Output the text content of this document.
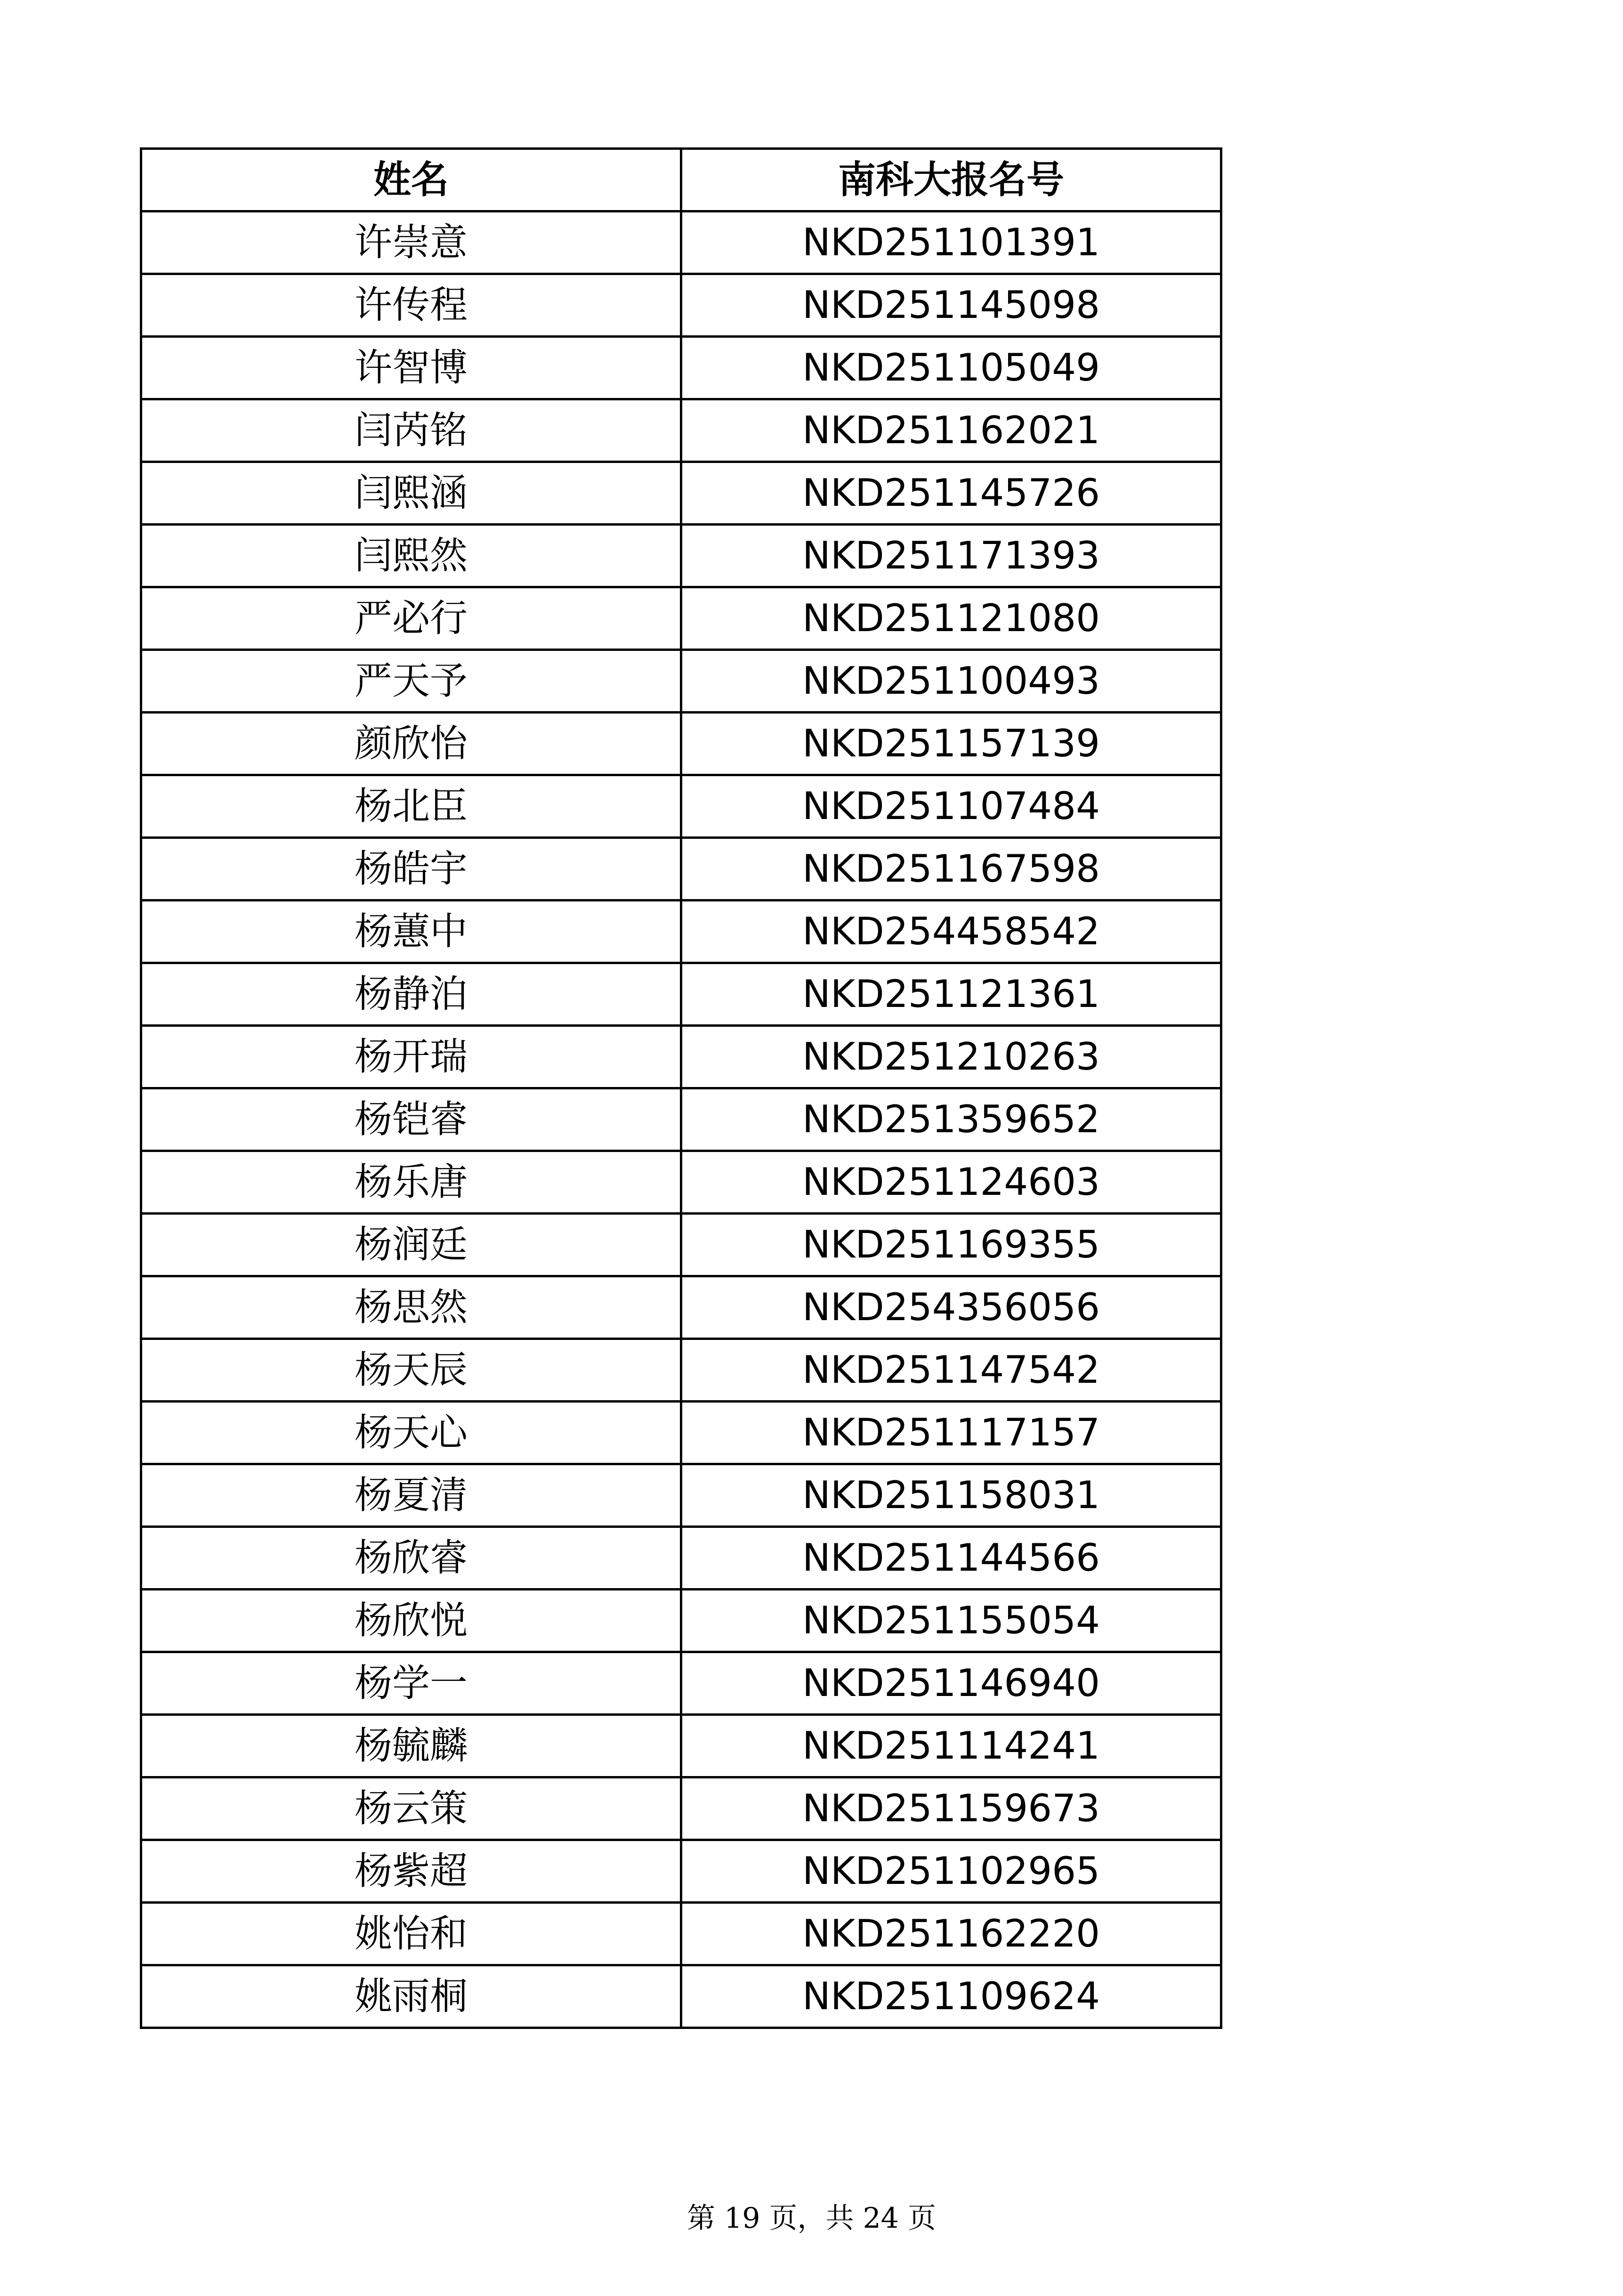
姓名	南科大报名号
许崇意	NKD251101391
许传程	NKD251145098
许智博	NKD251105049
闫芮铭	NKD251162021
闫熙涵	NKD251145726
闫熙然	NKD251171393
严必行	NKD251121080
严天予	NKD251100493
颜欣怡	NKD251157139
杨北臣	NKD251107484
杨皓宇	NKD251167598
杨蕙中	NKD254458542
杨静泊	NKD251121361
杨开瑞	NKD251210263
杨铠睿	NKD251359652
杨乐唐	NKD251124603
杨润廷	NKD251169355
杨思然	NKD254356056
杨天辰	NKD251147542
杨天心	NKD251117157
杨夏清	NKD251158031
杨欣睿	NKD251144566
杨欣悦	NKD251155054
杨学一	NKD251146940
杨毓麟	NKD251114241
杨云策	NKD251159673
杨紫超	NKD251102965
姚怡和	NKD251162220
姚雨桐	NKD251109624
第 19 页，共 24 页
